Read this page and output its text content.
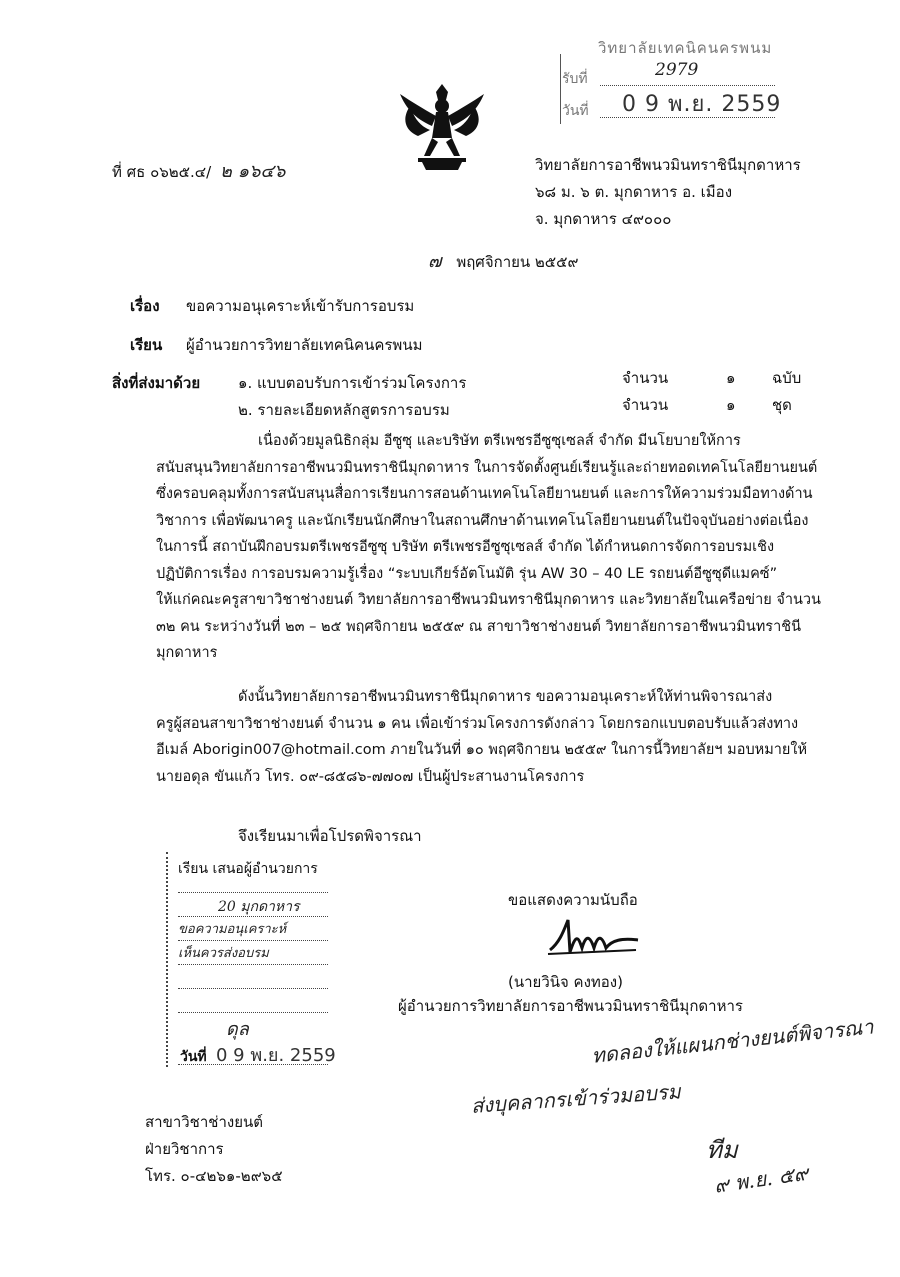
วิทยาลัยเทคนิคนครพนม
รับที่	2979
วันที่ 0 9 พ.ย. 2559
ที่ ศธ ๐๖๒๕.๔/ ๒ ๑๖๔๖	วิทยาลัยการอาชีพนวมินทราชินีมุกดาหาร
๖๘ ม. ๖ ต. มุกดาหาร อ. เมือง
จ. มุกดาหาร ๔๙๐๐๐
๗ พฤศจิกายน ๒๕๕๙
เรื่อง ขอความอนุเคราะห์เข้ารับการอบรม
เรียน ผู้อำนวยการวิทยาลัยเทคนิคนครพนม
สิ่งที่ส่งมาด้วย	๑. แบบตอบรับการเข้าร่วมโครงการ	จำนวน	๑ ฉบับ
๒. รายละเอียดหลักสูตรการอบรม	จำนวน	๑ ชุด
เนื่องด้วยมูลนิธิกลุ่ม อีซูซุ และบริษัท ตรีเพชรอีซูซุเซลส์ จำกัด มีนโยบายให้การ
สนับสนุนวิทยาลัยการอาชีพนวมินทราชินีมุกดาหาร ในการจัดตั้งศูนย์เรียนรู้และถ่ายทอดเทคโนโลยียานยนต์
ซึ่งครอบคลุมทั้งการสนับสนุนสื่อการเรียนการสอนด้านเทคโนโลยียานยนต์ และการให้ความร่วมมือทางด้าน
วิชาการ เพื่อพัฒนาครู และนักเรียนนักศึกษาในสถานศึกษาด้านเทคโนโลยียานยนต์ในปัจจุบันอย่างต่อเนื่อง
ในการนี้ สถาบันฝึกอบรมตรีเพชรอีซูซุ บริษัท ตรีเพชรอีซูซุเซลส์ จำกัด ได้กำหนดการจัดการอบรมเชิง
ปฏิบัติการเรื่อง การอบรมความรู้เรื่อง “ระบบเกียร์อัตโนมัติ รุ่น AW 30 – 40 LE รถยนต์อีซูซุดีแมคซ์”
ให้แก่คณะครูสาขาวิชาช่างยนต์ วิทยาลัยการอาชีพนวมินทราชินีมุกดาหาร และวิทยาลัยในเครือข่าย จำนวน
๓๒ คน ระหว่างวันที่ ๒๓ – ๒๕ พฤศจิกายน ๒๕๕๙ ณ สาขาวิชาช่างยนต์ วิทยาลัยการอาชีพนวมินทราชินี
มุกดาหาร
ดังนั้นวิทยาลัยการอาชีพนวมินทราชินีมุกดาหาร ขอความอนุเคราะห์ให้ท่านพิจารณาส่ง
ครูผู้สอนสาขาวิชาช่างยนต์ จำนวน ๑ คน เพื่อเข้าร่วมโครงการดังกล่าว โดยกรอกแบบตอบรับแล้วส่งทาง
อีเมล์ Aborigin007@hotmail.com ภายในวันที่ ๑๐ พฤศจิกายน ๒๕๕๙ ในการนี้วิทยาลัยฯ มอบหมายให้
นายอดุล ขันแก้ว โทร. ๐๙-๘๕๘๖-๗๗๐๗ เป็นผู้ประสานงานโครงการ
จึงเรียนมาเพื่อโปรดพิจารณา
เรียน เสนอผู้อำนวยการ
20 มุกดาหาร
ขอความอนุเคราะห์
เห็นควรส่งอบรม
ดุล
วันที่ 0 9 พ.ย. 2559
ขอแสดงความนับถือ
(นายวินิจ คงทอง)
ผู้อำนวยการวิทยาลัยการอาชีพนวมินทราชินีมุกดาหาร
ทดลองให้แผนกช่างยนต์พิจารณา
ส่งบุคลากรเข้าร่วมอบรม
ทีม
๙ พ.ย. ๕๙
สาขาวิชาช่างยนต์
ฝ่ายวิชาการ
โทร. ๐-๔๒๖๑-๒๙๖๕
